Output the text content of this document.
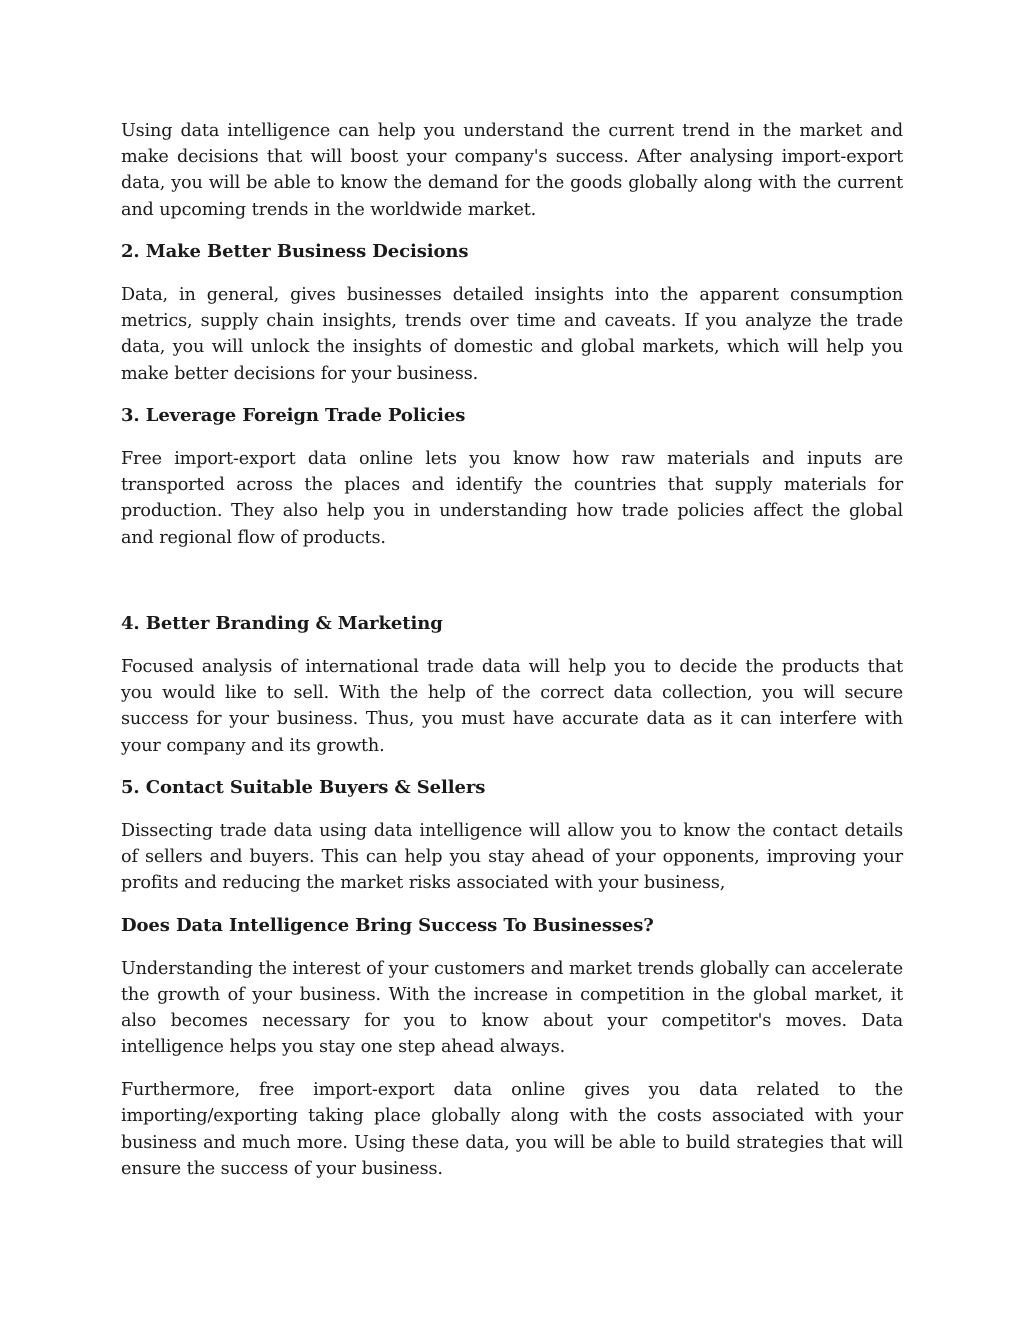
Using data intelligence can help you understand the current trend in the market and make decisions that will boost your company's success. After analysing import-export data, you will be able to know the demand for the goods globally along with the current and upcoming trends in the worldwide market.

2. Make Better Business Decisions

Data, in general, gives businesses detailed insights into the apparent consumption metrics, supply chain insights, trends over time and caveats. If you analyze the trade data, you will unlock the insights of domestic and global markets, which will help you make better decisions for your business.

3. Leverage Foreign Trade Policies

Free import-export data online lets you know how raw materials and inputs are transported across the places and identify the countries that supply materials for production. They also help you in understanding how trade policies affect the global and regional flow of products.

4. Better Branding & Marketing

Focused analysis of international trade data will help you to decide the products that you would like to sell. With the help of the correct data collection, you will secure success for your business. Thus, you must have accurate data as it can interfere with your company and its growth.

5. Contact Suitable Buyers & Sellers

Dissecting trade data using data intelligence will allow you to know the contact details of sellers and buyers. This can help you stay ahead of your opponents, improving your profits and reducing the market risks associated with your business,

Does Data Intelligence Bring Success To Businesses?

Understanding the interest of your customers and market trends globally can accelerate the growth of your business. With the increase in competition in the global market, it also becomes necessary for you to know about your competitor's moves. Data intelligence helps you stay one step ahead always.

Furthermore, free import-export data online gives you data related to the importing/exporting taking place globally along with the costs associated with your business and much more. Using these data, you will be able to build strategies that will ensure the success of your business.
